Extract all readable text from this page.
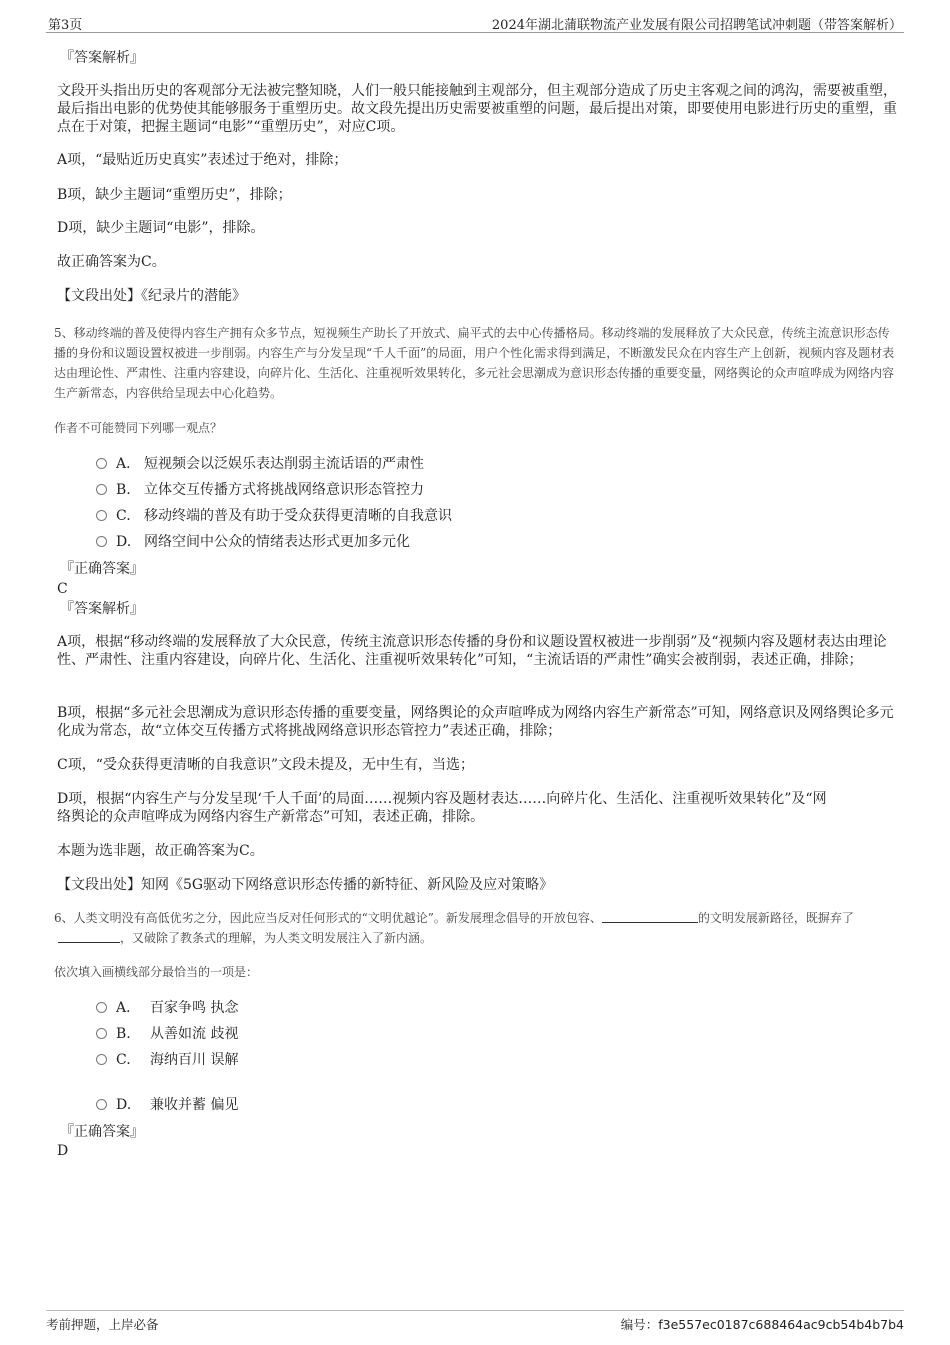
第3页	2024年湖北蒲联物流产业发展有限公司招聘笔试冲刺题（带答案解析）
『答案解析』
文段开头指出历史的客观部分无法被完整知晓，人们一般只能接触到主观部分，但主观部分造成了历史主客观之间的鸿沟，需要被重塑，最后指出电影的优势使其能够服务于重塑历史。故文段先提出历史需要被重塑的问题，最后提出对策，即要使用电影进行历史的重塑，重点在于对策，把握主题词“电影”“重塑历史”，对应C项。
A项，“最贴近历史真实”表述过于绝对，排除；
B项，缺少主题词“重塑历史”，排除；
D项，缺少主题词“电影”，排除。
故正确答案为C。
【文段出处】《纪录片的潜能》
5、移动终端的普及使得内容生产拥有众多节点，短视频生产助长了开放式、扁平式的去中心传播格局。移动终端的发展释放了大众民意，传统主流意识形态传播的身份和议题设置权被进一步削弱。内容生产与分发呈现“千人千面”的局面，用户个性化需求得到满足，不断激发民众在内容生产上创新，视频内容及题材表达由理论性、严肃性、注重内容建设，向碎片化、生活化、注重视听效果转化，多元社会思潮成为意识形态传播的重要变量，网络舆论的众声喧哗成为网络内容生产新常态，内容供给呈现去中心化趋势。
作者不可能赞同下列哪一观点？
A． 短视频会以泛娱乐表达削弱主流话语的严肃性
B. 立体交互传播方式将挑战网络意识形态管控力
C. 移动终端的普及有助于受众获得更清晰的自我意识
D. 网络空间中公众的情绪表达形式更加多元化
『正确答案』
C
『答案解析』
A项，根据“移动终端的发展释放了大众民意，传统主流意识形态传播的身份和议题设置权被进一步削弱”及“视频内容及题材表达由理论性、严肃性、注重内容建设，向碎片化、生活化、注重视听效果转化”可知，“主流话语的严肃性”确实会被削弱，表述正确，排除；
B项，根据“多元社会思潮成为意识形态传播的重要变量，网络舆论的众声喧哗成为网络内容生产新常态”可知，网络意识及网络舆论多元化成为常态，故“立体交互传播方式将挑战网络意识形态管控力”表述正确，排除；
C项，“受众获得更清晰的自我意识”文段未提及，无中生有，当选；
D项，根据“内容生产与分发呈现‘千人千面’的局面……视频内容及题材表达……向碎片化、生活化、注重视听效果转化”及“网络舆论的众声喧哗成为网络内容生产新常态”可知，表述正确，排除。
本题为选非题，故正确答案为C。
【文段出处】知网《5G驱动下网络意识形态传播的新特征、新风险及应对策略》
6、人类文明没有高低优劣之分，因此应当反对任何形式的“文明优越论”。新发展理念倡导的开放包容、	的文明发展新路径，既摒弃了，又破除了教条式的理解，为人类文明发展注入了新内涵。
依次填入画横线部分最恰当的一项是：
A． 百家争鸣 执念
B. 从善如流 歧视
C. 海纳百川 误解
D. 兼收并蓄 偏见
『正确答案』
D
考前押题，上岸必备	编号：f3e557ec0187c688464ac9cb54b4b7b4
